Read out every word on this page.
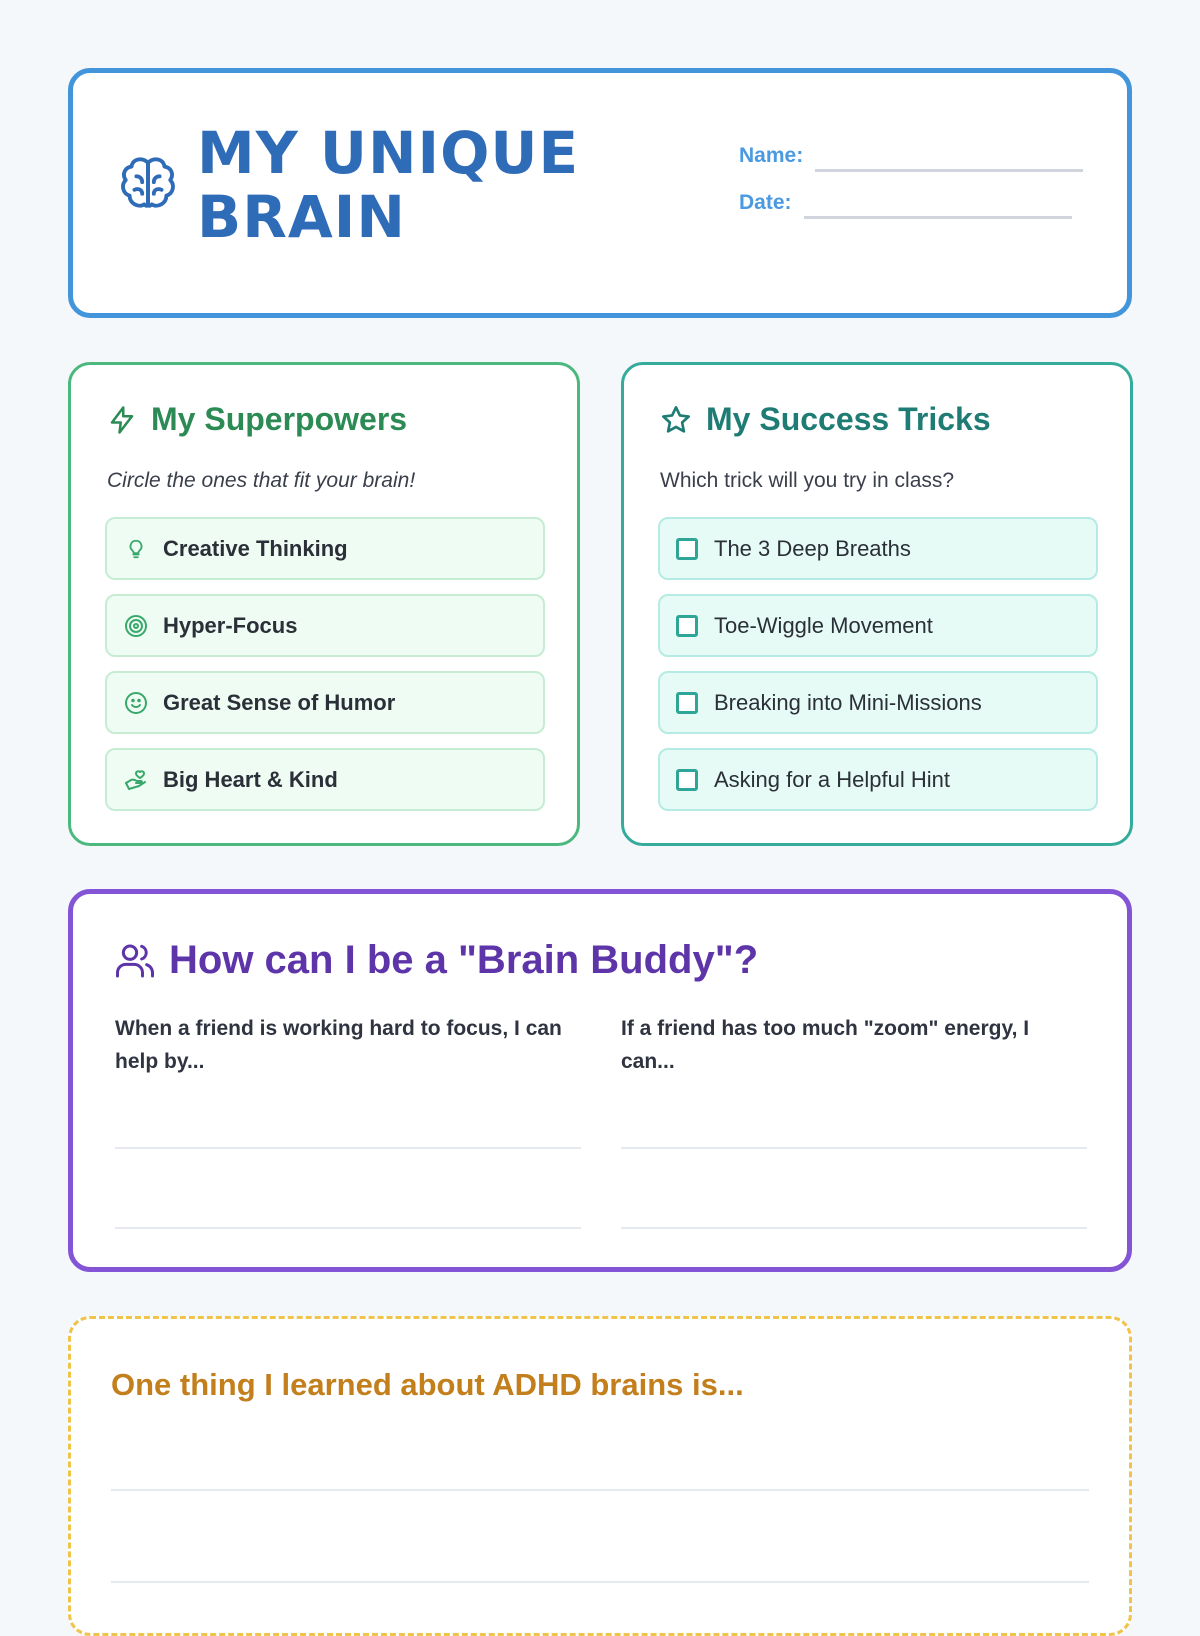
MY UNIQUE
BRAIN
Name:
Date:
My Superpowers

Circle the ones that fit your brain!

Creative Thinking
Hyper-Focus
Great Sense of Humor
Big Heart & Kind
My Success Tricks

Which trick will you try in class?

The 3 Deep Breaths
Toe-Wiggle Movement
Breaking into Mini-Missions
Asking for a Helpful Hint
How can I be a "Brain Buddy"?

When a friend is working hard to focus, I can help by...

If a friend has too much "zoom" energy, I can...

One thing I learned about ADHD brains is...
